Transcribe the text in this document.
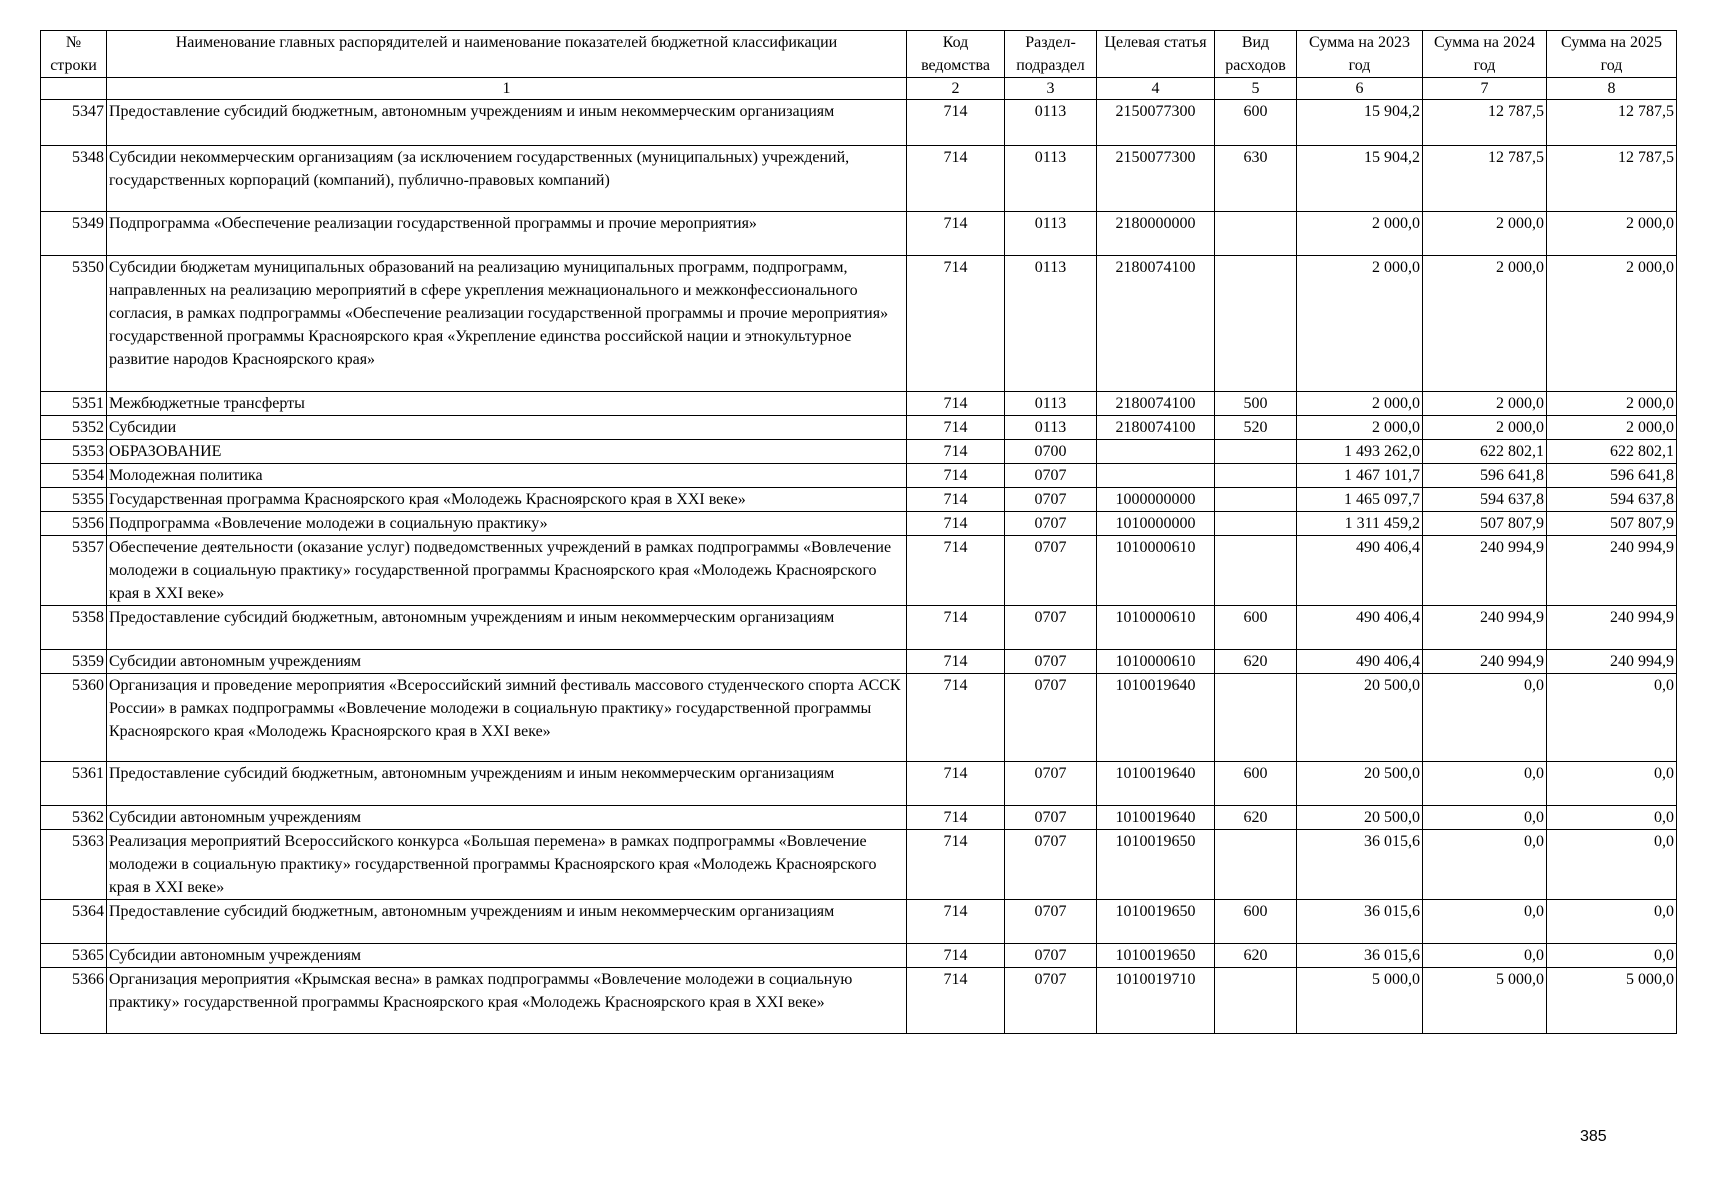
№ строки	Наименование главных распорядителей и наименование показателей бюджетной классификации	Код ведомства	Раздел-подраздел	Целевая статья	Вид расходов	Сумма на 2023 год	Сумма на 2024 год	Сумма на 2025 год
	1	2	3	4	5	6	7	8
5347	Предоставление субсидий бюджетным, автономным учреждениям и иным некоммерческим организациям	714	0113	2150077300	600	15 904,2	12 787,5	12 787,5
5348	Субсидии некоммерческим организациям (за исключением государственных (муниципальных) учреждений, государственных корпораций (компаний), публично-правовых компаний)	714	0113	2150077300	630	15 904,2	12 787,5	12 787,5
5349	Подпрограмма «Обеспечение реализации государственной программы и прочие мероприятия»	714	0113	2180000000		2 000,0	2 000,0	2 000,0
5350	Субсидии бюджетам муниципальных образований на реализацию муниципальных программ, подпрограмм, направленных на реализацию мероприятий в сфере укрепления межнационального и межконфессионального согласия, в рамках подпрограммы «Обеспечение реализации государственной программы и прочие мероприятия» государственной программы Красноярского края «Укрепление единства российской нации и этнокультурное развитие народов Красноярского края»	714	0113	2180074100		2 000,0	2 000,0	2 000,0
5351	Межбюджетные трансферты	714	0113	2180074100	500	2 000,0	2 000,0	2 000,0
5352	Субсидии	714	0113	2180074100	520	2 000,0	2 000,0	2 000,0
5353	ОБРАЗОВАНИЕ	714	0700			1 493 262,0	622 802,1	622 802,1
5354	Молодежная политика	714	0707			1 467 101,7	596 641,8	596 641,8
5355	Государственная программа Красноярского края «Молодежь Красноярского края в XXI веке»	714	0707	1000000000		1 465 097,7	594 637,8	594 637,8
5356	Подпрограмма «Вовлечение молодежи в социальную практику»	714	0707	1010000000		1 311 459,2	507 807,9	507 807,9
5357	Обеспечение деятельности (оказание услуг) подведомственных учреждений в рамках подпрограммы «Вовлечение молодежи в социальную практику» государственной программы Красноярского края «Молодежь Красноярского края в XXI веке»	714	0707	1010000610		490 406,4	240 994,9	240 994,9
5358	Предоставление субсидий бюджетным, автономным учреждениям и иным некоммерческим организациям	714	0707	1010000610	600	490 406,4	240 994,9	240 994,9
5359	Субсидии автономным учреждениям	714	0707	1010000610	620	490 406,4	240 994,9	240 994,9
5360	Организация и проведение мероприятия «Всероссийский зимний фестиваль массового студенческого спорта АССК России» в рамках подпрограммы «Вовлечение молодежи в социальную практику» государственной программы Красноярского края «Молодежь Красноярского края в XXI веке»	714	0707	1010019640		20 500,0	0,0	0,0
5361	Предоставление субсидий бюджетным, автономным учреждениям и иным некоммерческим организациям	714	0707	1010019640	600	20 500,0	0,0	0,0
5362	Субсидии автономным учреждениям	714	0707	1010019640	620	20 500,0	0,0	0,0
5363	Реализация мероприятий Всероссийского конкурса «Большая перемена» в рамках подпрограммы «Вовлечение молодежи в социальную практику» государственной программы Красноярского края «Молодежь Красноярского края в XXI веке»	714	0707	1010019650		36 015,6	0,0	0,0
5364	Предоставление субсидий бюджетным, автономным учреждениям и иным некоммерческим организациям	714	0707	1010019650	600	36 015,6	0,0	0,0
5365	Субсидии автономным учреждениям	714	0707	1010019650	620	36 015,6	0,0	0,0
5366	Организация мероприятия «Крымская весна» в рамках подпрограммы «Вовлечение молодежи в социальную практику» государственной программы Красноярского края «Молодежь Красноярского края в XXI веке»	714	0707	1010019710		5 000,0	5 000,0	5 000,0
385
